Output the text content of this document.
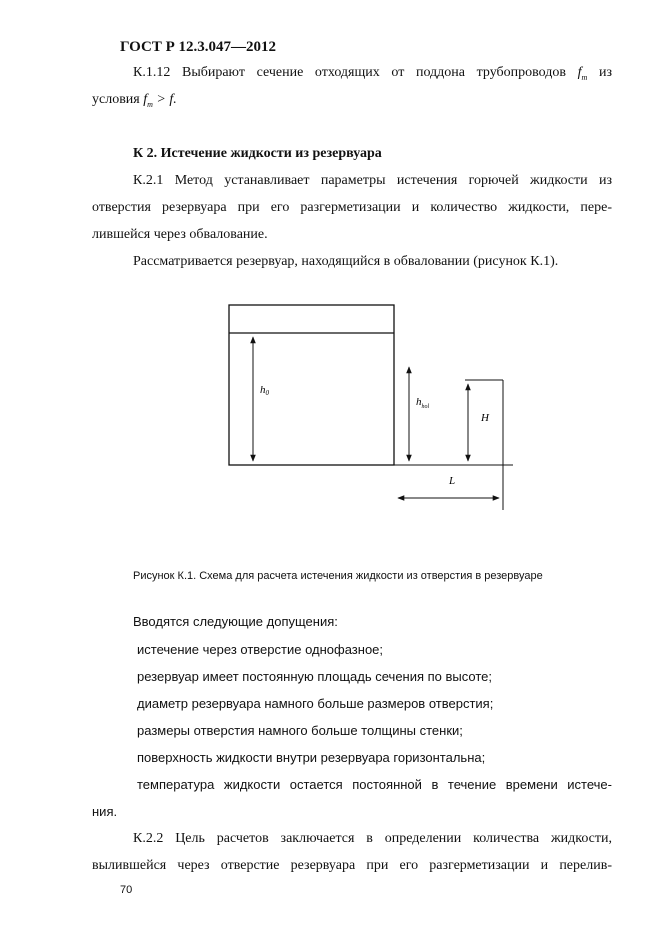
ГОСТ Р 12.3.047—2012
К.1.12 Выбирают сечение отходящих от поддона трубопроводов $f_т$ из
условия $f_т > f$.
К 2. Истечение жидкости из резервуара
К.2.1 Метод устанавливает параметры истечения горючей жидкости из
отверстия резервуара при его разгерметизации и количество жидкости, пере-
лившейся через обвалование.
Рассматривается резервуар, находящийся в обваловании (рисунок К.1).
h0
$h_{hol}$
H
L
Рисунок К.1. Схема для расчета истечения жидкости из отверстия в резервуаре
Вводятся следующие допущения:
истечение через отверстие однофазное;
резервуар имеет постоянную площадь сечения по высоте;
диаметр резервуара намного больше размеров отверстия;
размеры отверстия намного больше толщины стенки;
поверхность жидкости внутри резервуара горизонтальна;
температура жидкости остается постоянной в течение времени истече-
ния.
К.2.2 Цель расчетов заключается в определении количества жидкости,
вылившейся через отверстие резервуара при его разгерметизации и перелив-
70
